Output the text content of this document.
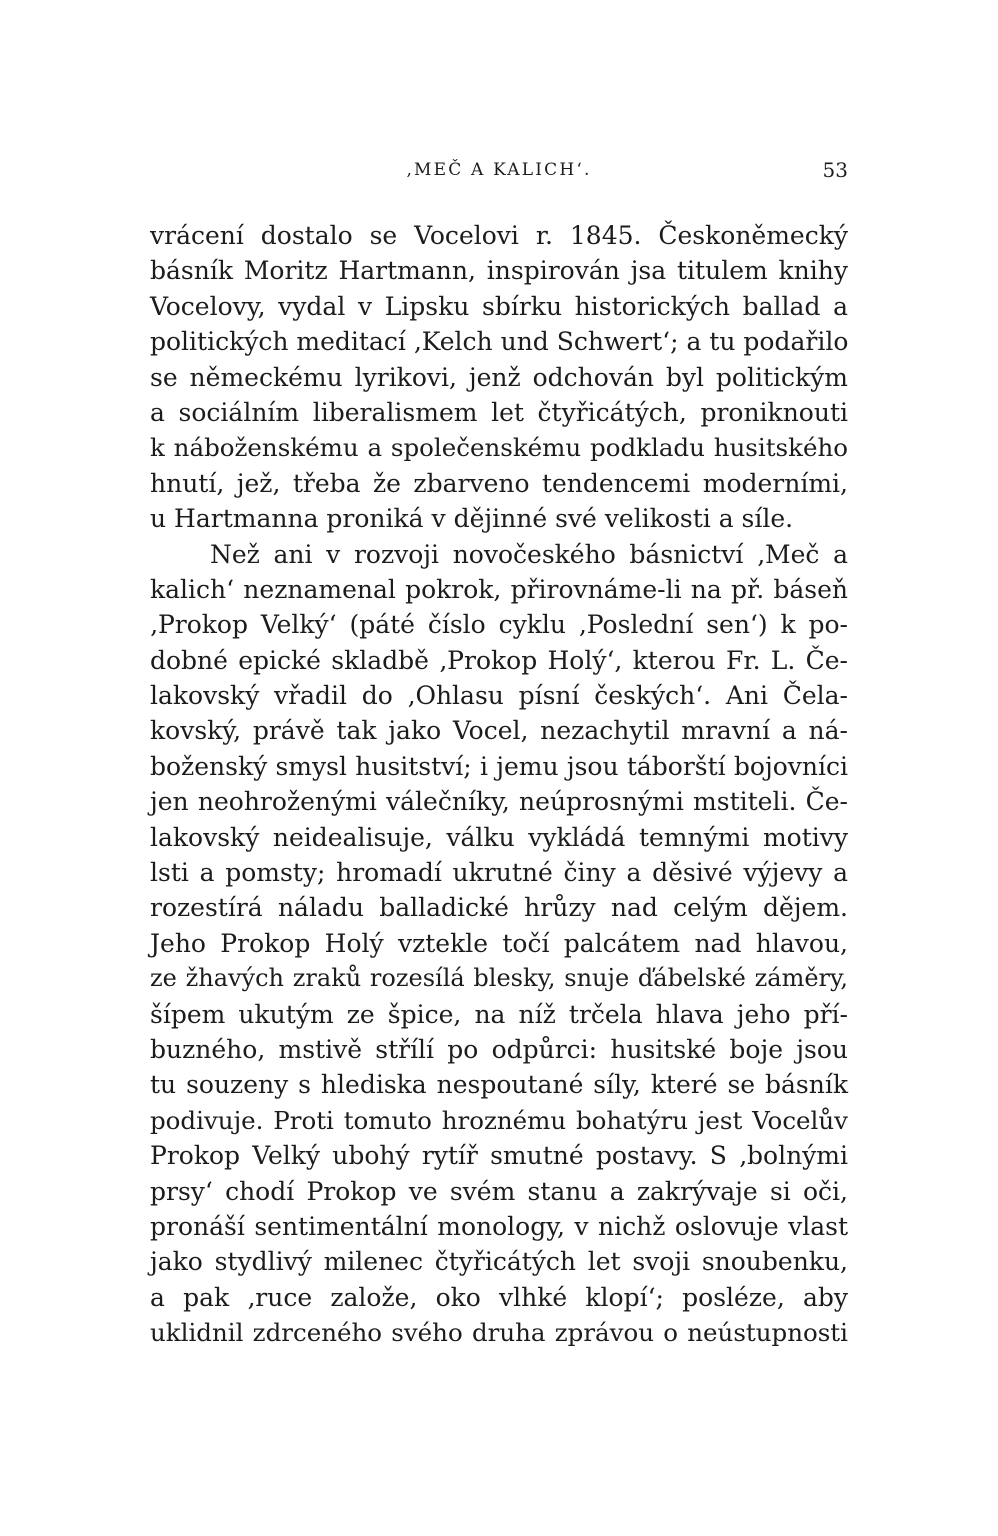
‚MEČ A KALICH‘.	53
vrácení dostalo se Vocelovi r. 1845. Českoněmecký
básník Moritz Hartmann, inspirován jsa titulem knihy
Vocelovy, vydal v Lipsku sbírku historických ballad a
politických meditací ‚Kelch und Schwert‘; a tu podařilo
se německému lyrikovi, jenž odchován byl politickým
a sociálním liberalismem let čtyřicátých, proniknouti
k náboženskému a společenskému podkladu husitského
hnutí, jež, třeba že zbarveno tendencemi moderními,
u Hartmanna proniká v dějinné své velikosti a síle.
Než ani v rozvoji novočeského básnictví ‚Meč a
kalich‘ neznamenal pokrok, přirovnáme-li na př. báseň
‚Prokop Velký‘ (páté číslo cyklu ‚Poslední sen‘) k po-
dobné epické skladbě ‚Prokop Holý‘, kterou Fr. L. Če-
lakovský vřadil do ‚Ohlasu písní českých‘. Ani Čela-
kovský, právě tak jako Vocel, nezachytil mravní a ná-
boženský smysl husitství; i jemu jsou táborští bojovníci
jen neohroženými válečníky, neúprosnými mstiteli. Če-
lakovský neidealisuje, válku vykládá temnými motivy
lsti a pomsty; hromadí ukrutné činy a děsivé výjevy a
rozestírá náladu balladické hrůzy nad celým dějem.
Jeho Prokop Holý vztekle točí palcátem nad hlavou,
ze žhavých zraků rozesílá blesky, snuje ďábelské záměry,
šípem ukutým ze špice, na níž trčela hlava jeho pří-
buzného, mstivě střílí po odpůrci: husitské boje jsou
tu souzeny s hlediska nespoutané síly, které se básník
podivuje. Proti tomuto hroznému bohatýru jest Vocelův
Prokop Velký ubohý rytíř smutné postavy. S ‚bolnými
prsy‘ chodí Prokop ve svém stanu a zakrývaje si oči,
pronáší sentimentální monology, v nichž oslovuje vlast
jako stydlivý milenec čtyřicátých let svoji snoubenku,
a pak ‚ruce založe, oko vlhké klopí‘; posléze, aby
uklidnil zdrceného svého druha zprávou o neústupnosti
